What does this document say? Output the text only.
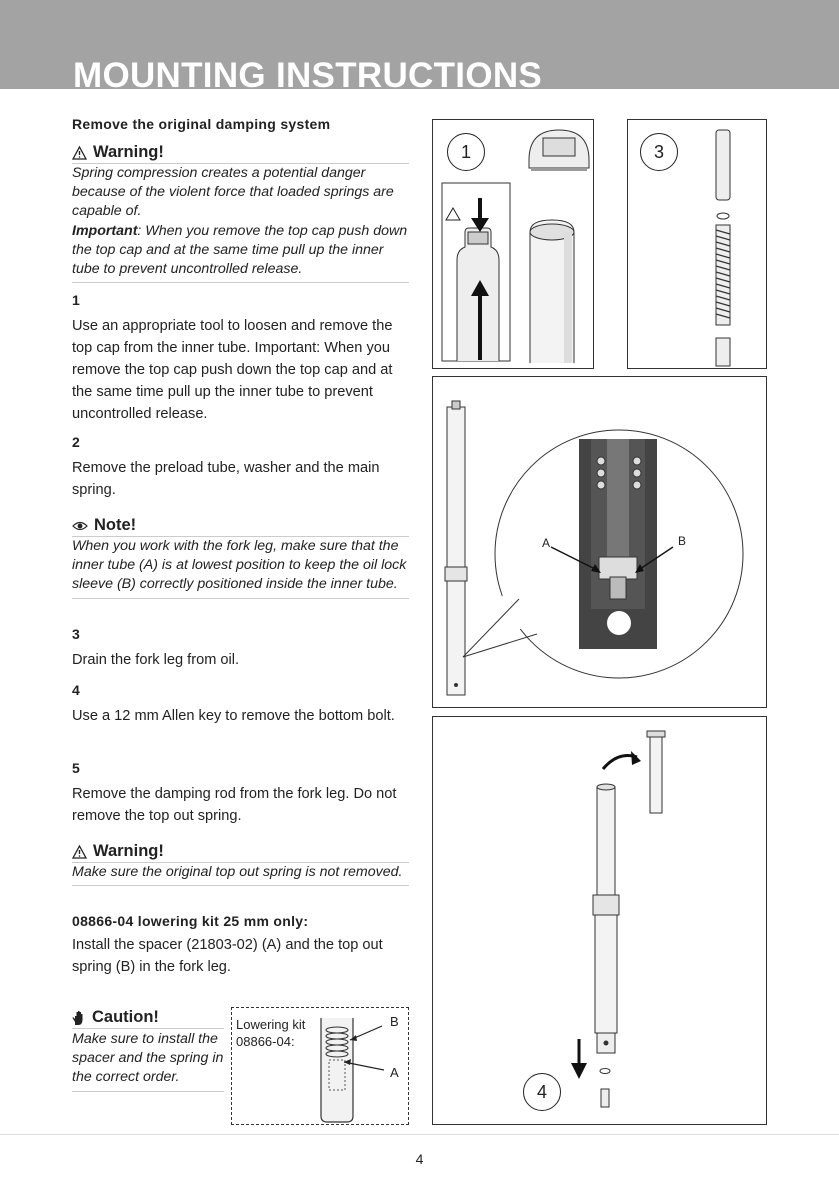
MOUNTING INSTRUCTIONS
Remove the original damping system
Warning!
Spring compression creates a potential danger because of the violent force that loaded springs are capable of.
Important: When you remove the top cap push down the top cap and at the same time pull up the inner tube to prevent uncontrolled release.
1
Use an appropriate tool to loosen and remove the top cap from the inner tube. Important: When you remove the top cap push down the top cap and at the same time pull up the inner tube to prevent uncontrolled release.
2
Remove the preload tube, washer and the main spring.
Note!
When you work with the fork leg, make sure that the inner tube (A) is at lowest position to keep the oil lock sleeve (B) correctly positioned inside the inner tube.
3
Drain the fork leg from oil.
4
Use a 12 mm Allen key to remove the bottom bolt.
5
Remove the damping rod from the fork leg. Do not remove the top out spring.
Warning!
Make sure the original top out spring is not removed.
08866-04 lowering kit 25 mm only:
Install the spacer (21803-02) (A) and the top out spring (B) in the fork leg.
Caution!
Make sure to install the spacer and the spring in the correct order.
Lowering kit
08866-04:
B
A
1	3
A	B
4
4
